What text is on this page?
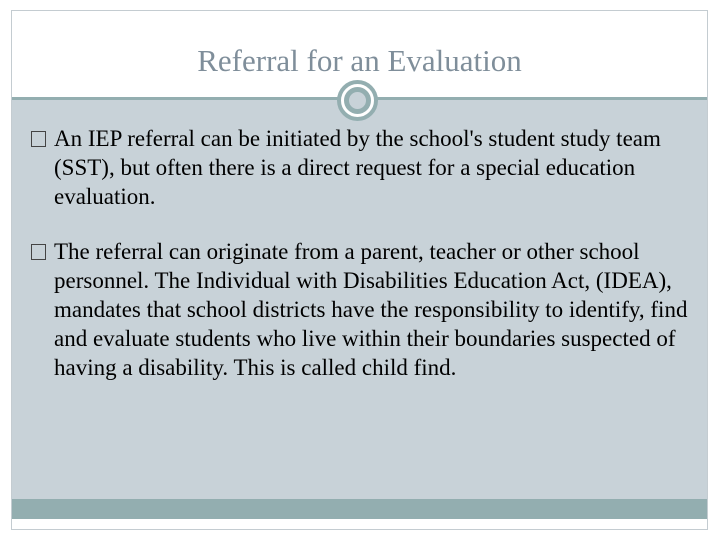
Referral for an Evaluation
An IEP referral can be initiated by the school's student study team (SST), but often there is a direct request for a special education evaluation.
The referral can originate from a parent, teacher or other school personnel. The Individual with Disabilities Education Act, (IDEA), mandates that school districts have the responsibility to identify, find and evaluate students who live within their boundaries suspected of having a disability. This is called child find.
